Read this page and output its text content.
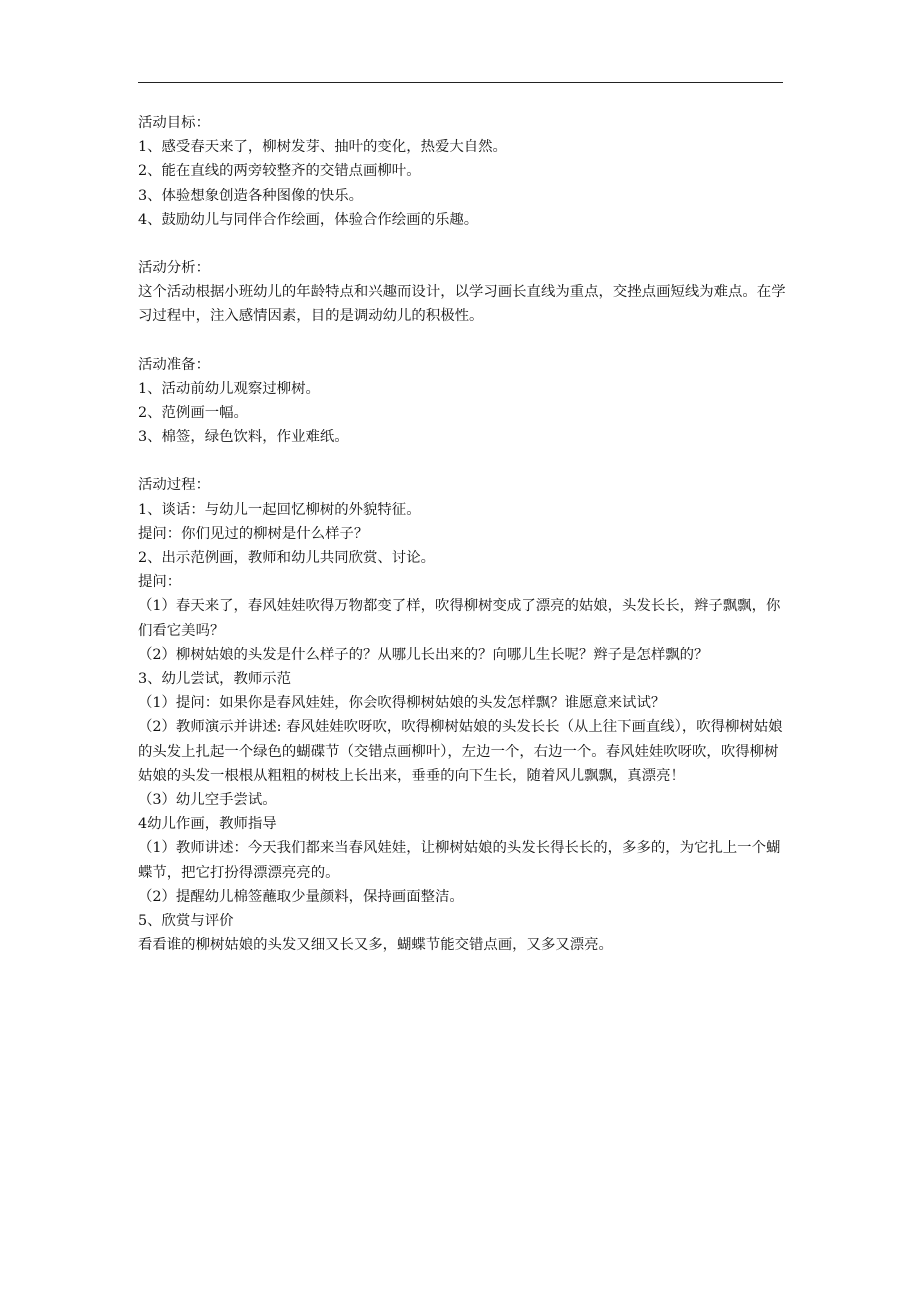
活动目标：
1、感受春天来了，柳树发芽、抽叶的变化，热爱大自然。
2、能在直线的两旁较整齐的交错点画柳叶。
3、体验想象创造各种图像的快乐。
4、鼓励幼儿与同伴合作绘画，体验合作绘画的乐趣。
活动分析：
这个活动根据小班幼儿的年龄特点和兴趣而设计，以学习画长直线为重点，交挫点画短线为难点。在学习过程中，注入感情因素，目的是调动幼儿的积极性。
活动准备：
1、活动前幼儿观察过柳树。
2、范例画一幅。
3、棉签，绿色饮料，作业难纸。
活动过程：
1、谈话：与幼儿一起回忆柳树的外貌特征。
提问：你们见过的柳树是什么样子？
2、出示范例画，教师和幼儿共同欣赏、讨论。
提问：
（1）春天来了，春风娃娃吹得万物都变了样，吹得柳树变成了漂亮的姑娘，头发长长，辫子飘飘，你们看它美吗？
（2）柳树姑娘的头发是什么样子的？从哪儿长出来的？向哪儿生长呢？辫子是怎样飘的？
3、幼儿尝试，教师示范
（1）提问：如果你是春风娃娃，你会吹得柳树姑娘的头发怎样飘？谁愿意来试试？
（2）教师演示并讲述: 春风娃娃吹呀吹，吹得柳树姑娘的头发长长（从上往下画直线），吹得柳树姑娘的头发上扎起一个绿色的蝴碟节（交错点画柳叶），左边一个，右边一个。春风娃娃吹呀吹，吹得柳树姑娘的头发一根根从粗粗的树枝上长出来，垂垂的向下生长，随着风儿飘飘，真漂亮！
（3）幼儿空手尝试。
4幼儿作画，教师指导
（1）教师讲述：今天我们都来当春风娃娃，让柳树姑娘的头发长得长长的，多多的，为它扎上一个蝴蝶节，把它打扮得漂漂亮亮的。
（2）提醒幼儿棉签蘸取少量颜料，保持画面整洁。
5、欣赏与评价
看看谁的柳树姑娘的头发又细又长又多，蝴蝶节能交错点画，又多又漂亮。
